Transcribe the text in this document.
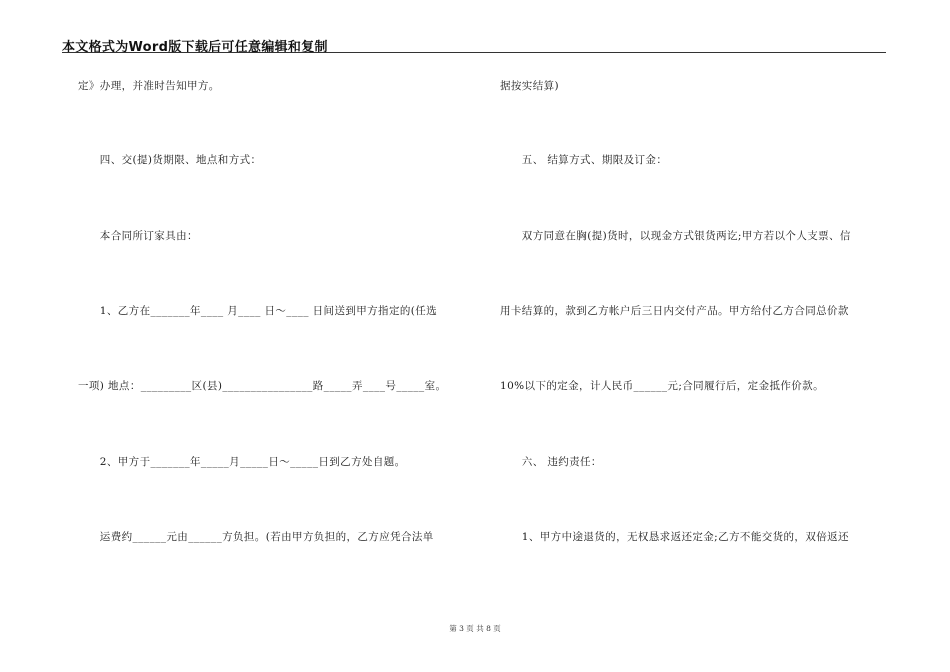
本文格式为Word版下载后可任意编辑和复制
定》办理，并准时告知甲方。
　　四、交(提)货期限、地点和方式：
　　本合同所订家具由：
　　1、乙方在_______年____ 月____ 日～____ 日间送到甲方指定的(任选
一项) 地点：_________区(县)________________路_____弄____号_____室。
　　2、甲方于_______年_____月_____日～_____日到乙方处自题。
　　运费约______元由______方负担。(若由甲方负担的，乙方应凭合法单
据按实结算)
　　五、 结算方式、期限及订金：
　　双方同意在胸(提)货时，以现金方式银货两讫;甲方若以个人支票、信
用卡结算的，款到乙方帐户后三日内交付产品。甲方给付乙方合同总价款
10%以下的定金，计人民币______元;合同履行后，定金抵作价款。
　　六、 违约责任：
　　1、甲方中途退货的，无权恳求返还定金;乙方不能交货的，双倍返还
第 3 页 共 8 页
